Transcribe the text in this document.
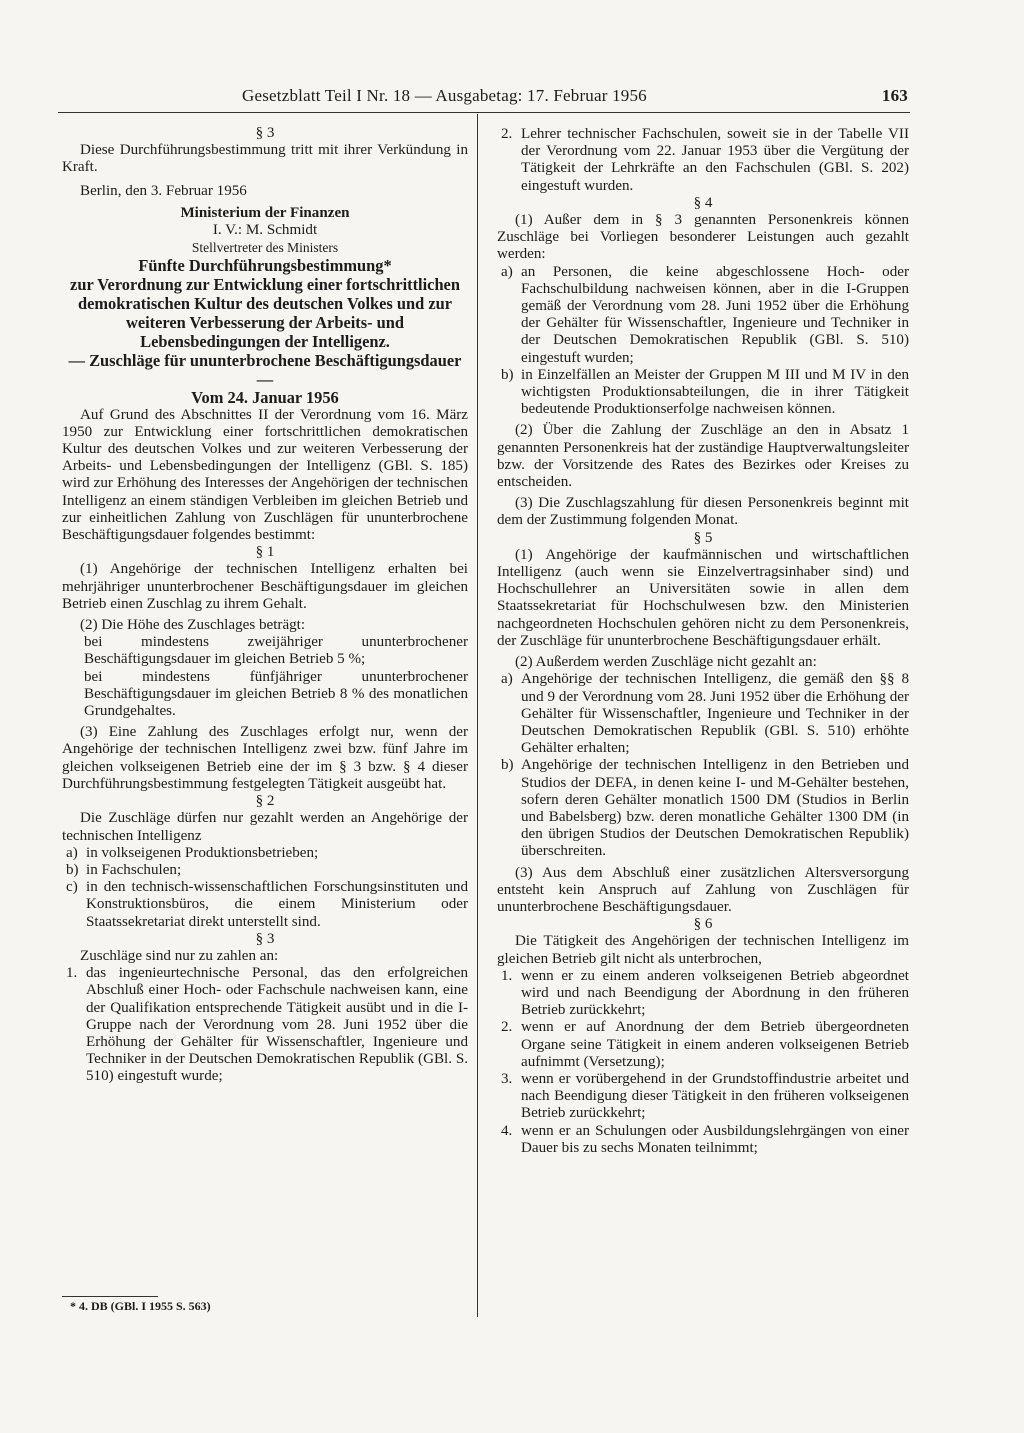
Gesetzblatt Teil I Nr. 18 — Ausgabetag: 17. Februar 1956	163

§ 3

Diese Durchführungsbestimmung tritt mit ihrer Verkündung in Kraft.

Berlin, den 3. Februar 1956

Ministerium der Finanzen

I. V.: M. Schmidt

Stellvertreter des Ministers

Fünfte Durchführungsbestimmung*

zur Verordnung zur Entwicklung einer fortschrittlichen demokratischen Kultur des deutschen Volkes und zur weiteren Verbesserung der Arbeits- und Lebensbedingungen der Intelligenz.

— Zuschläge für ununterbrochene Beschäftigungsdauer —

Vom 24. Januar 1956

Auf Grund des Abschnittes II der Verordnung vom 16. März 1950 zur Entwicklung einer fortschrittlichen demokratischen Kultur des deutschen Volkes und zur weiteren Verbesserung der Arbeits- und Lebensbedingungen der Intelligenz (GBl. S. 185) wird zur Erhöhung des Interesses der Angehörigen der technischen Intelligenz an einem ständigen Verbleiben im gleichen Betrieb und zur einheitlichen Zahlung von Zuschlägen für ununterbrochene Beschäftigungsdauer folgendes bestimmt:

§ 1

(1) Angehörige der technischen Intelligenz erhalten bei mehrjähriger ununterbrochener Beschäftigungsdauer im gleichen Betrieb einen Zuschlag zu ihrem Gehalt.

(2) Die Höhe des Zuschlages beträgt:

bei mindestens zweijähriger ununterbrochener Beschäftigungsdauer im gleichen Betrieb 5 %;

bei mindestens fünfjähriger ununterbrochener Beschäftigungsdauer im gleichen Betrieb 8 % des monatlichen Grundgehaltes.

(3) Eine Zahlung des Zuschlages erfolgt nur, wenn der Angehörige der technischen Intelligenz zwei bzw. fünf Jahre im gleichen volkseigenen Betrieb eine der im § 3 bzw. § 4 dieser Durchführungsbestimmung festgelegten Tätigkeit ausgeübt hat.

§ 2

Die Zuschläge dürfen nur gezahlt werden an Angehörige der technischen Intelligenz

a) in volkseigenen Produktionsbetrieben;

b) in Fachschulen;

c) in den technisch-wissenschaftlichen Forschungsinstituten und Konstruktionsbüros, die einem Ministerium oder Staatssekretariat direkt unterstellt sind.

§ 3

Zuschläge sind nur zu zahlen an:

1. das ingenieurtechnische Personal, das den erfolgreichen Abschluß einer Hoch- oder Fachschule nachweisen kann, eine der Qualifikation entsprechende Tätigkeit ausübt und in die I-Gruppe nach der Verordnung vom 28. Juni 1952 über die Erhöhung der Gehälter für Wissenschaftler, Ingenieure und Techniker in der Deutschen Demokratischen Republik (GBl. S. 510) eingestuft wurde;

* 4. DB (GBl. I 1955 S. 563)

2. Lehrer technischer Fachschulen, soweit sie in der Tabelle VII der Verordnung vom 22. Januar 1953 über die Vergütung der Tätigkeit der Lehrkräfte an den Fachschulen (GBl. S. 202) eingestuft wurden.

§ 4

(1) Außer dem in § 3 genannten Personenkreis können Zuschläge bei Vorliegen besonderer Leistungen auch gezahlt werden:

a) an Personen, die keine abgeschlossene Hoch- oder Fachschulbildung nachweisen können, aber in die I-Gruppen gemäß der Verordnung vom 28. Juni 1952 über die Erhöhung der Gehälter für Wissenschaftler, Ingenieure und Techniker in der Deutschen Demokratischen Republik (GBl. S. 510) eingestuft wurden;

b) in Einzelfällen an Meister der Gruppen M III und M IV in den wichtigsten Produktionsabteilungen, die in ihrer Tätigkeit bedeutende Produktionserfolge nachweisen können.

(2) Über die Zahlung der Zuschläge an den in Absatz 1 genannten Personenkreis hat der zuständige Hauptverwaltungsleiter bzw. der Vorsitzende des Rates des Bezirkes oder Kreises zu entscheiden.

(3) Die Zuschlagszahlung für diesen Personenkreis beginnt mit dem der Zustimmung folgenden Monat.

§ 5

(1) Angehörige der kaufmännischen und wirtschaftlichen Intelligenz (auch wenn sie Einzelvertragsinhaber sind) und Hochschullehrer an Universitäten sowie in allen dem Staatssekretariat für Hochschulwesen bzw. den Ministerien nachgeordneten Hochschulen gehören nicht zu dem Personenkreis, der Zuschläge für ununterbrochene Beschäftigungsdauer erhält.

(2) Außerdem werden Zuschläge nicht gezahlt an:

a) Angehörige der technischen Intelligenz, die gemäß den §§ 8 und 9 der Verordnung vom 28. Juni 1952 über die Erhöhung der Gehälter für Wissenschaftler, Ingenieure und Techniker in der Deutschen Demokratischen Republik (GBl. S. 510) erhöhte Gehälter erhalten;

b) Angehörige der technischen Intelligenz in den Betrieben und Studios der DEFA, in denen keine I- und M-Gehälter bestehen, sofern deren Gehälter monatlich 1500 DM (Studios in Berlin und Babelsberg) bzw. deren monatliche Gehälter 1300 DM (in den übrigen Studios der Deutschen Demokratischen Republik) überschreiten.

(3) Aus dem Abschluß einer zusätzlichen Altersversorgung entsteht kein Anspruch auf Zahlung von Zuschlägen für ununterbrochene Beschäftigungsdauer.

§ 6

Die Tätigkeit des Angehörigen der technischen Intelligenz im gleichen Betrieb gilt nicht als unterbrochen,

1. wenn er zu einem anderen volkseigenen Betrieb abgeordnet wird und nach Beendigung der Abordnung in den früheren Betrieb zurückkehrt;

2. wenn er auf Anordnung der dem Betrieb übergeordneten Organe seine Tätigkeit in einem anderen volkseigenen Betrieb aufnimmt (Versetzung);

3. wenn er vorübergehend in der Grundstoffindustrie arbeitet und nach Beendigung dieser Tätigkeit in den früheren volkseigenen Betrieb zurückkehrt;

4. wenn er an Schulungen oder Ausbildungslehrgängen von einer Dauer bis zu sechs Monaten teilnimmt;
